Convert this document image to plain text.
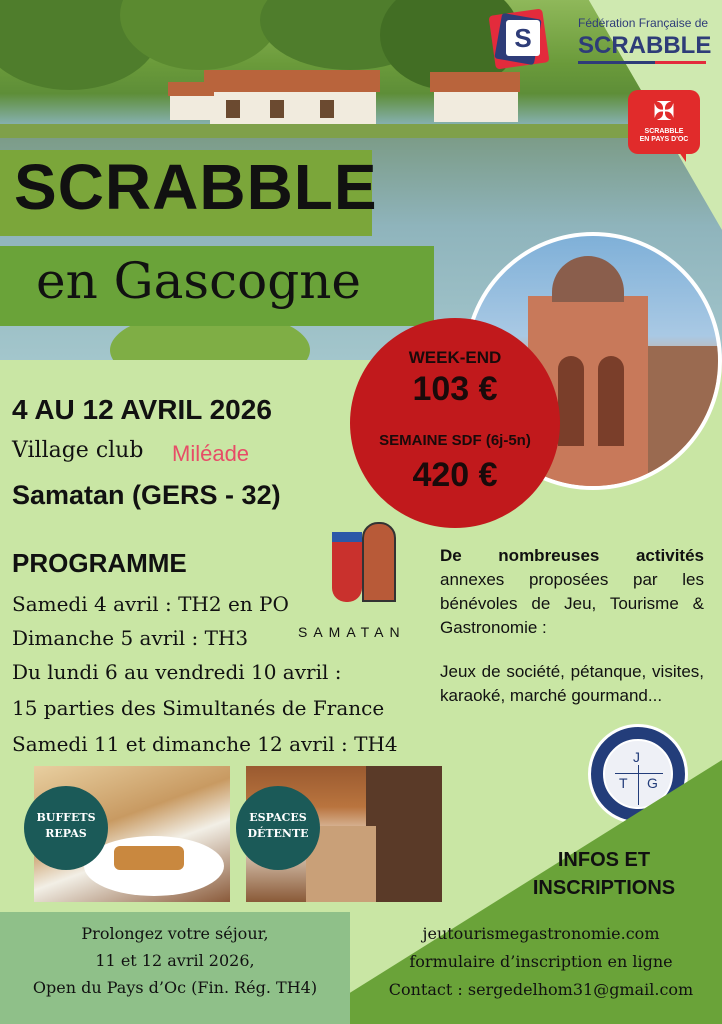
SCRABBLE
en Gascogne
S	Fédération Française de
SCRABBLE
✠
SCRABBLE
EN PAYS D'OC
WEEK-END
103 €
SEMAINE SDF (6j-5n)
420 €
4 AU 12 AVRIL 2026
Village club Miléade
Samatan (GERS - 32)
PROGRAMME
Samedi 4 avril : TH2 en PO
Dimanche 5 avril : TH3
Du lundi 6 au vendredi 10 avril :
15 parties des Simultanés de France
Samedi 11 et dimanche 12 avril : TH4
SAMATAN
De nombreuses activités annexes proposées par les bénévoles de Jeu, Tourisme & Gastronomie :
Jeux de société, pétanque, visites, karaoké, marché gourmand...
J
T G
BUFFETS
REPAS
ESPACES
DÉTENTE
INFOS ET
INSCRIPTIONS
Prolongez votre séjour,
11 et 12 avril 2026,
Open du Pays d’Oc (Fin. Rég. TH4)
jeutourismegastronomie.com
formulaire d’inscription en ligne
Contact : sergedelhom31@gmail.com
